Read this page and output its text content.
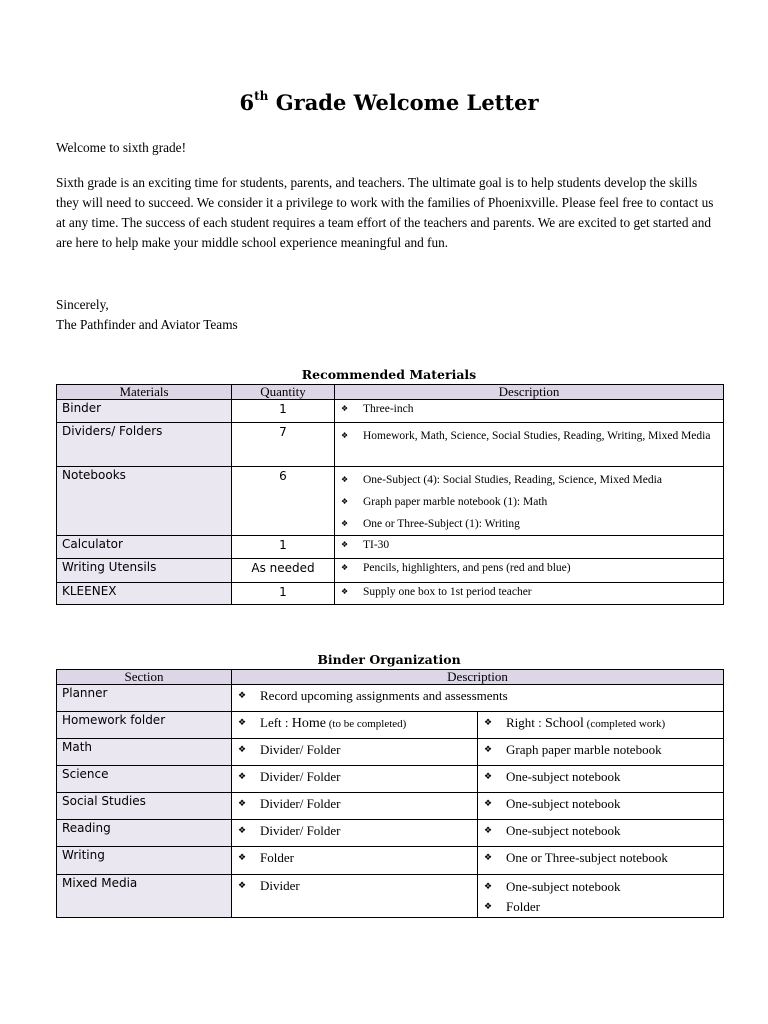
6th Grade Welcome Letter
Welcome to sixth grade!
Sixth grade is an exciting time for students, parents, and teachers. The ultimate goal is to help students develop the skills they will need to succeed. We consider it a privilege to work with the families of Phoenixville. Please feel free to contact us at any time. The success of each student requires a team effort of the teachers and parents. We are excited to get started and are here to help make your middle school experience meaningful and fun.
Sincerely,
The Pathfinder and Aviator Teams
Recommended Materials
Materials	Quantity	Description
Binder	1	❖ Three-inch

Dividers/ Folders	7	❖ Homework, Math, Science, Social Studies, Reading, Writing, Mixed Media

Notebooks	6	❖ One-Subject (4): Social Studies, Reading, Science, Mixed Media
❖ Graph paper marble notebook (1): Math
❖ One or Three-Subject (1): Writing

Calculator	1	❖ TI-30

Writing Utensils	As needed	❖ Pencils, highlighters, and pens (red and blue)

KLEENEX	1	❖ Supply one box to 1st period teacher
Binder Organization
Section	Description	
Planner	❖ Record upcoming assignments and assessments

Homework folder	❖ Left : Home (to be completed)	❖ Right : School (completed work)

Math	❖ Divider/ Folder	❖ Graph paper marble notebook

Science	❖ Divider/ Folder	❖ One-subject notebook

Social Studies	❖ Divider/ Folder	❖ One-subject notebook

Reading	❖ Divider/ Folder	❖ One-subject notebook

Writing	❖ Folder	❖ One or Three-subject notebook

Mixed Media	❖ Divider	❖ One-subject notebook
❖ Folder
